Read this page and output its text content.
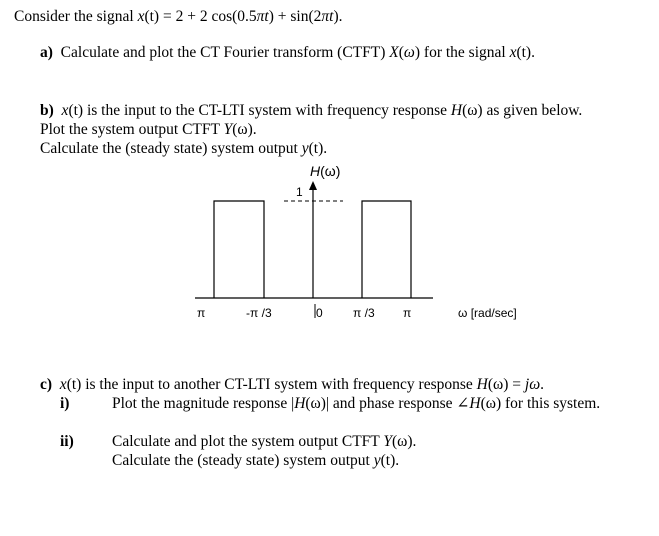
Consider the signal x(t) = 2 + 2 cos(0.5πt) + sin(2πt).
a) Calculate and plot the CT Fourier transform (CTFT) X(ω) for the signal x(t).
b) x(t) is the input to the CT-LTI system with frequency response H(ω) as given below.
Plot the system output CTFT Y(ω).
Calculate the (steady state) system output y(t).
H(ω)
1
π	-π /3	0	π /3 π	ω [rad/sec]
c) x(t) is the input to another CT-LTI system with frequency response H(ω) = jω.
i)	Plot the magnitude response |H(ω)| and phase response ∠H(ω) for this system.
ii) Calculate and plot the system output CTFT Y(ω).
Calculate the (steady state) system output y(t).
